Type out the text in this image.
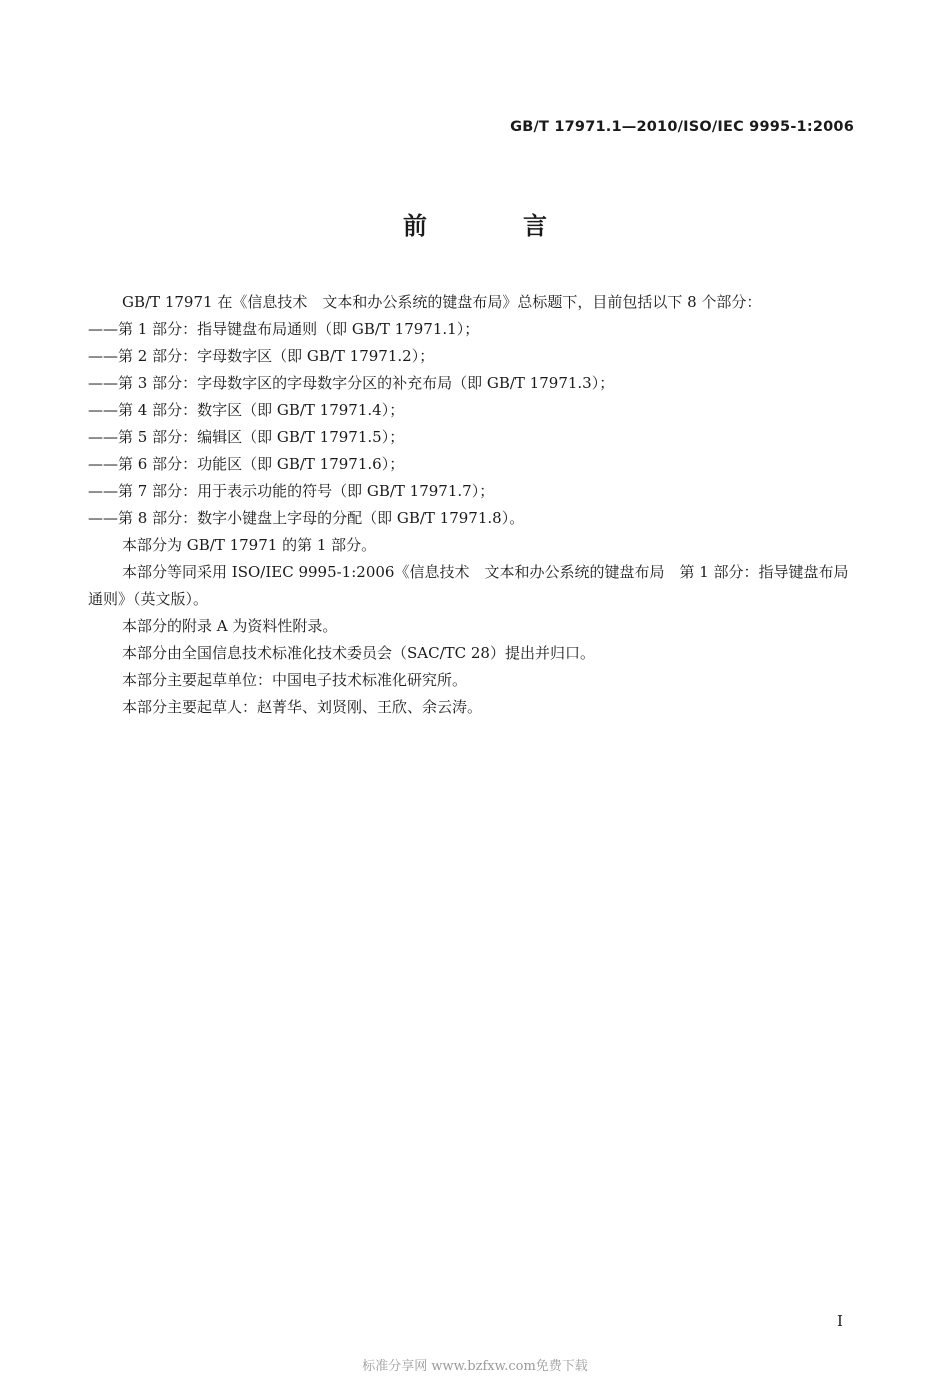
GB/T 17971.1—2010/ISO/IEC 9995-1:2006
前　言
GB/T 17971 在《信息技术　文本和办公系统的键盘布局》总标题下，目前包括以下 8 个部分：
——第 1 部分：指导键盘布局通则（即 GB/T 17971.1）；
——第 2 部分：字母数字区（即 GB/T 17971.2）；
——第 3 部分：字母数字区的字母数字分区的补充布局（即 GB/T 17971.3）；
——第 4 部分：数字区（即 GB/T 17971.4）；
——第 5 部分：编辑区（即 GB/T 17971.5）；
——第 6 部分：功能区（即 GB/T 17971.6）；
——第 7 部分：用于表示功能的符号（即 GB/T 17971.7）；
——第 8 部分：数字小键盘上字母的分配（即 GB/T 17971.8）。
本部分为 GB/T 17971 的第 1 部分。
本部分等同采用 ISO/IEC 9995-1:2006《信息技术　文本和办公系统的键盘布局　第 1 部分：指导键盘布局通则》（英文版）。
本部分的附录 A 为资料性附录。
本部分由全国信息技术标准化技术委员会（SAC/TC 28）提出并归口。
本部分主要起草单位：中国电子技术标准化研究所。
本部分主要起草人：赵菁华、刘贤刚、王欣、余云涛。
I
标准分享网 www.bzfxw.com免费下载
